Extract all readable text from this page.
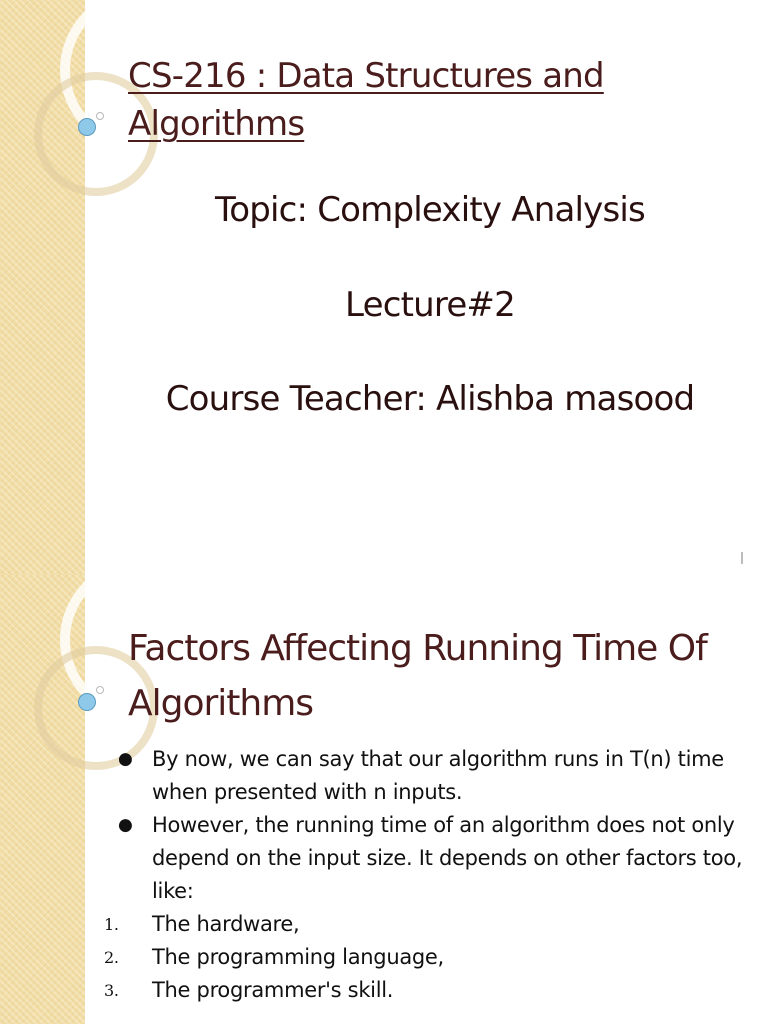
CS-216 : Data Structures and Algorithms
Topic: Complexity Analysis
Lecture#2
Course Teacher: Alishba masood
Factors Affecting Running Time Of Algorithms
● By now, we can say that our algorithm runs in T(n) time when presented with n inputs.
● However, the running time of an algorithm does not only depend on the input size. It depends on other factors too, like:
1.	The hardware,
2.	The programming language,
3.	The programmer's skill.
